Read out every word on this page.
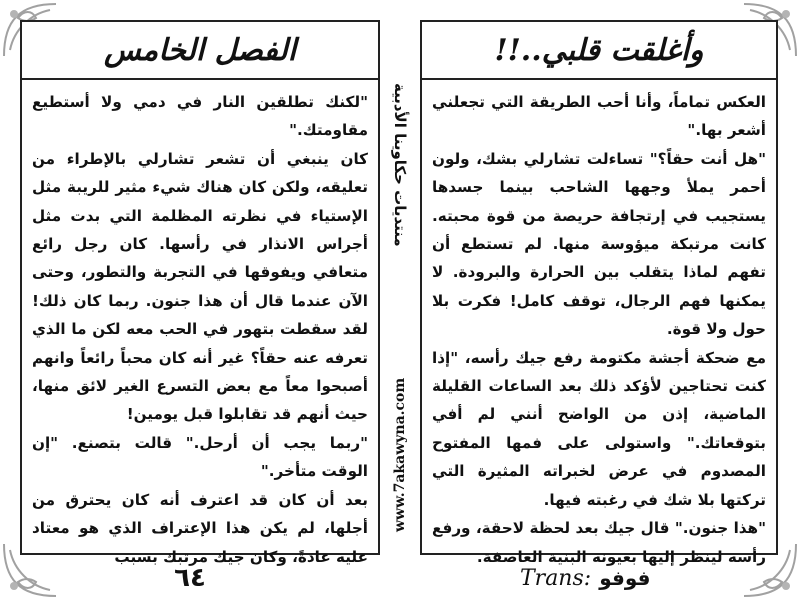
الفصل الخامس

"لكنك تطلقين النار في دمي ولا أستطيع مقاومتك."

كان ينبغي أن تشعر تشارلي بالإطراء من تعليقه، ولكن كان هناك شيء مثير للريبة مثل الإستياء في نظرته المظلمة التي بدت مثل أجراس الانذار في رأسها. كان رجل رائع متعافي ويفوقها في التجربة والتطور، وحتى الآن عندما قال أن هذا جنون. ربما كان ذلك! لقد سقطت بتهور في الحب معه لكن ما الذي تعرفه عنه حقاً؟ غير أنه كان محباً رائعاً وانهم أصبحوا معاً مع بعض التسرع الغير لائق منها، حيث أنهم قد تقابلوا قبل يومين!

"ربما يجب أن أرحل." قالت بتصنع. "إن الوقت متأخر."

بعد أن كان قد اعترف أنه كان يحترق من أجلها، لم يكن هذا الإعتراف الذي هو معتاد عليه عادةً، وكان جيك مرتبك بسبب

منتديات حكاوينا الأدبية
www.7akawyna.com
وأغلقت قلبي..!!

العكس تماماً، وأنا أحب الطريقة التي تجعلني أشعر بها."

"هل أنت حقاً؟" تساءلت تشارلي بشك، ولون أحمر يملأ وجهها الشاحب بينما جسدها يستجيب في إرتجافة حريصة من قوة محبته. كانت مرتبكة ميؤوسة منها. لم تستطع أن تفهم لماذا يتقلب بين الحرارة والبرودة. لا يمكنها فهم الرجال، توقف كامل! فكرت بلا حول ولا قوة.

مع ضحكة أجشة مكتومة رفع جيك رأسه، "إذا كنت تحتاجين لأؤكد ذلك بعد الساعات القليلة الماضية، إذن من الواضح أنني لم أفي بتوقعاتك." واستولى على فمها المفتوح المصدوم في عرض لخبراته المثيرة التي تركتها بلا شك في رغبته فيها.

"هذا جنون." قال جيك بعد لحظة لاحقة، ورفع رأسه لينظر إليها بعيونه البنية العاصفة.

٦٤	Trans: فوفو
